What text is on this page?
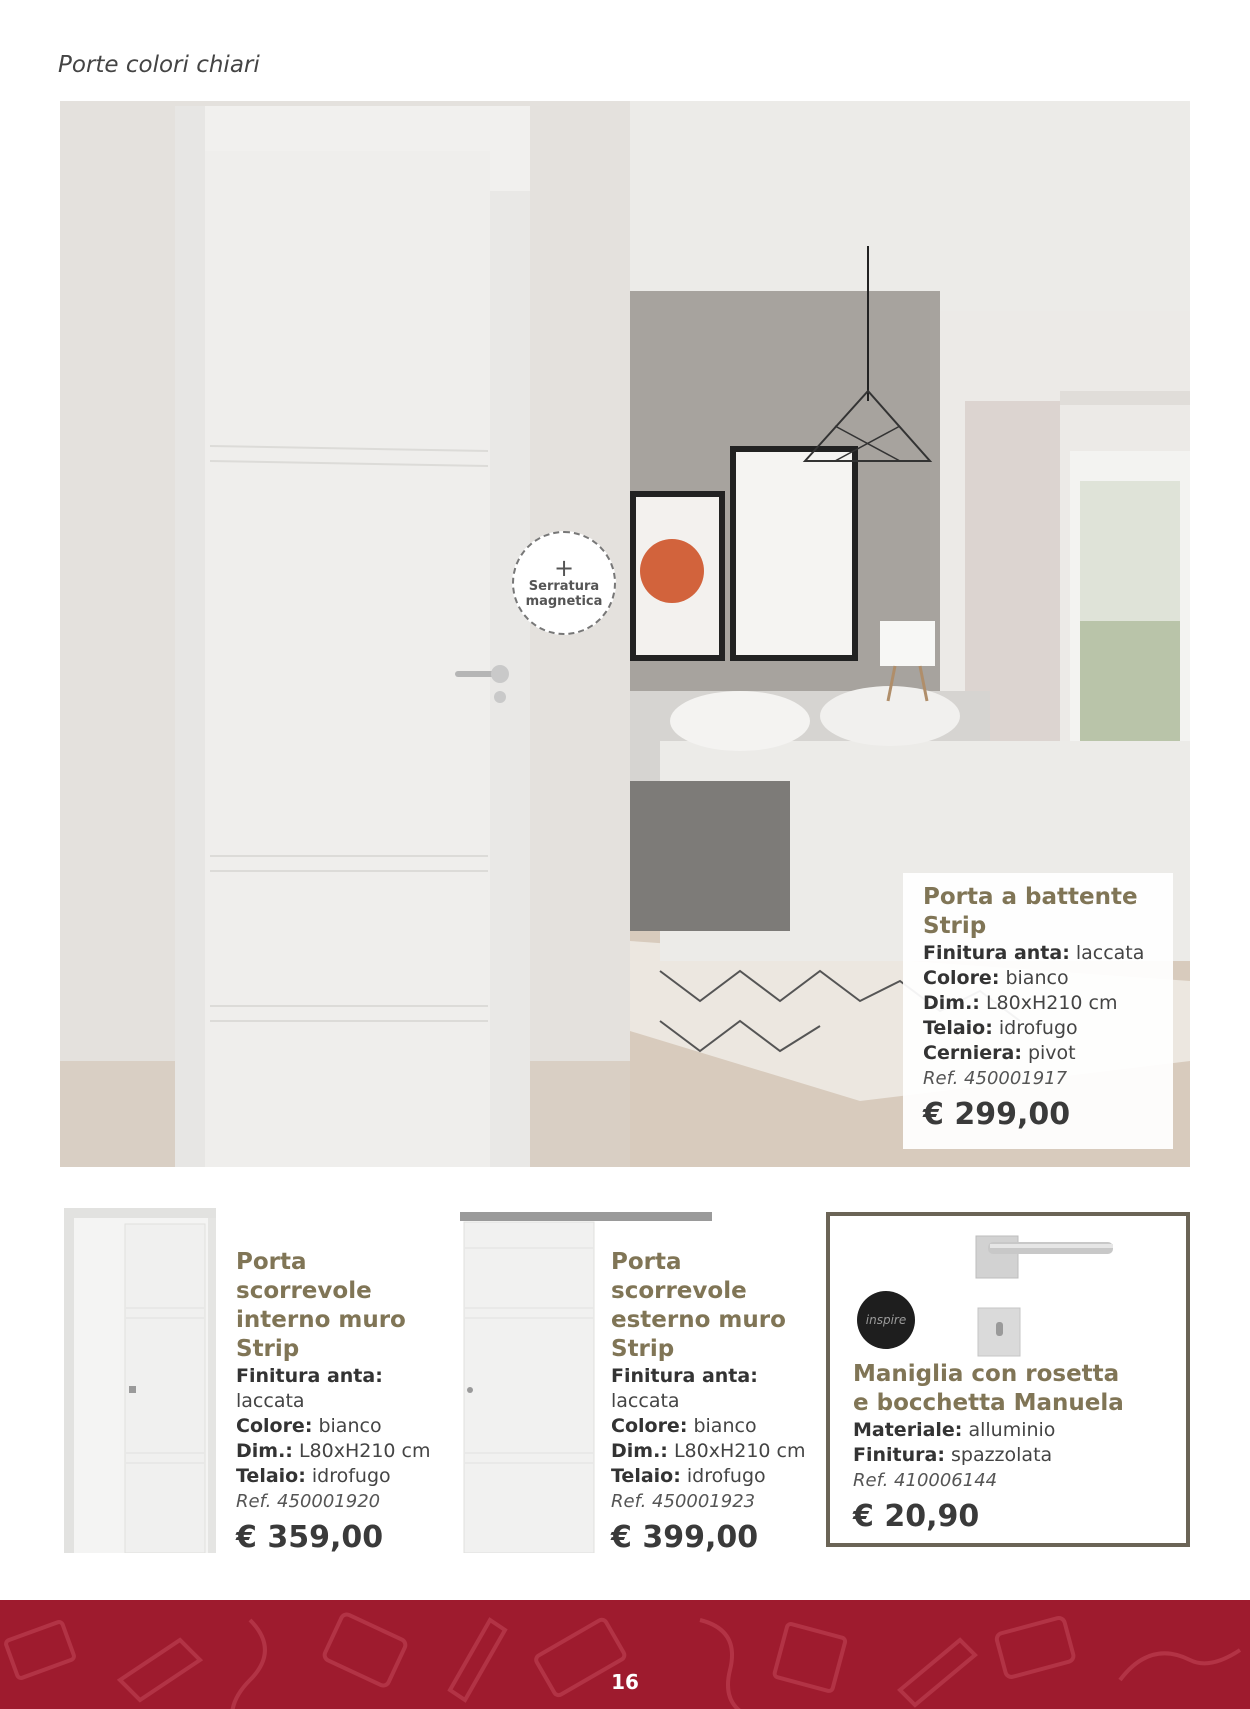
Porte colori chiari
+
Serratura
magnetica
Porta a battente
Strip
Finitura anta: laccata
Colore: bianco
Dim.: L80xH210 cm
Telaio: idrofugo
Cerniera: pivot
Ref. 450001917
€ 299,00
Porta
scorrevole
interno muro
Strip
Finitura anta:
laccata
Colore: bianco
Dim.: L80xH210 cm
Telaio: idrofugo
Ref. 450001920
€ 359,00
Porta
scorrevole
esterno muro
Strip
Finitura anta:
laccata
Colore: bianco
Dim.: L80xH210 cm
Telaio: idrofugo
Ref. 450001923
€ 399,00
inspire
Maniglia con rosetta
e bocchetta Manuela
Materiale: alluminio
Finitura: spazzolata
Ref. 410006144
€ 20,90
16
